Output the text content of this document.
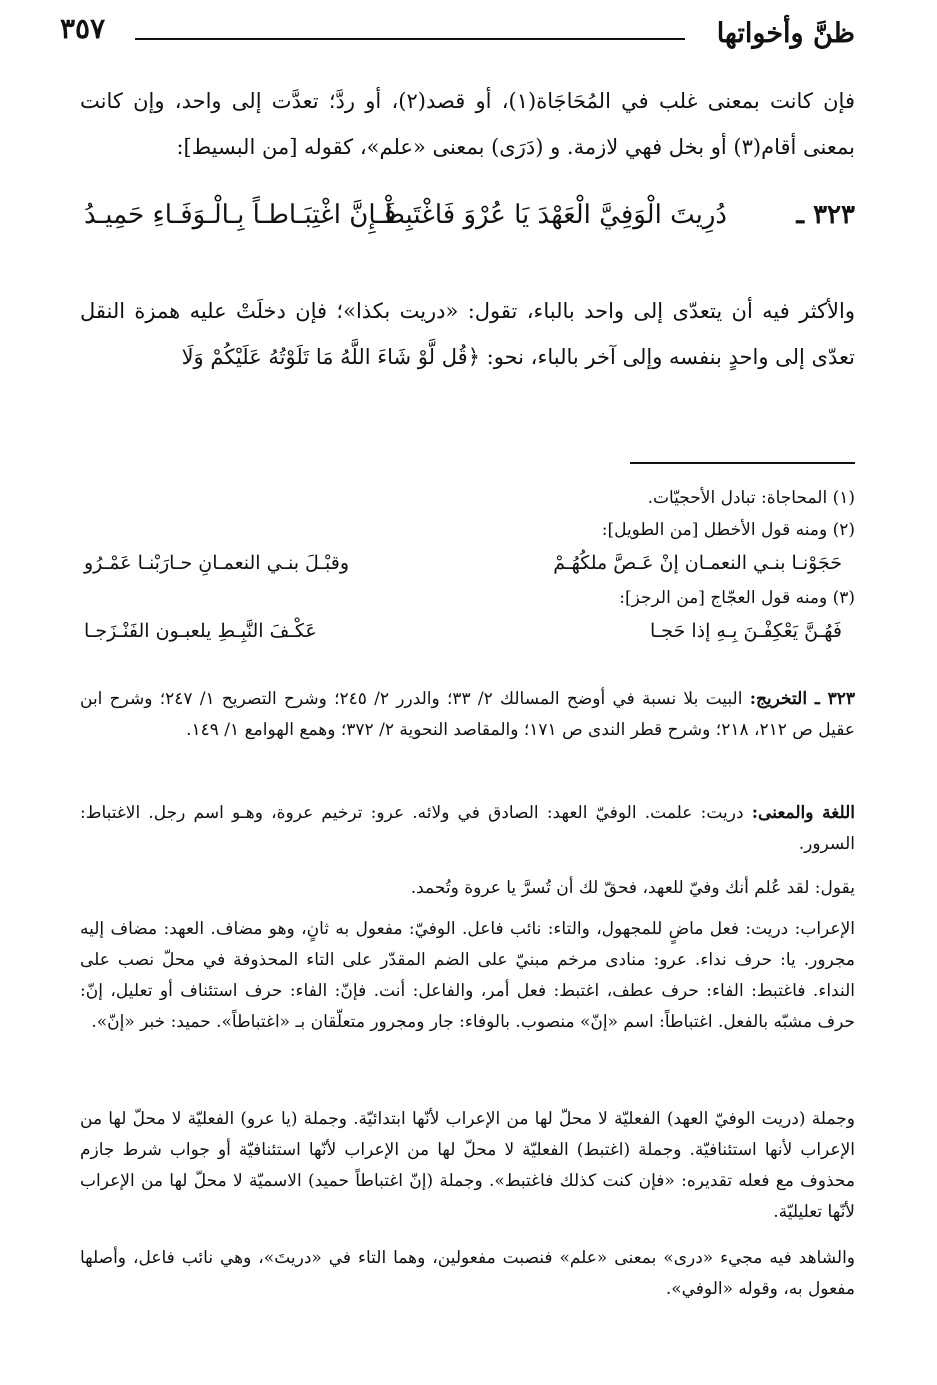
ظنَّ وأخواتها
٣٥٧
فإن كانت بمعنى غلب في المُحَاجَاة(١)، أو قصد(٢)، أو ردَّ؛ تعدَّت إلى واحد، وإن كانت بمعنى أقام(٣) أو بخل فهي لازمة. و (دَرَى) بمعنى «علم»، كقوله [من البسيط]:
٣٢٣ ـ
دُرِيتَ الْوَفِيَّ الْعَهْدَ يَا عُرْوَ فَاغْتَبِطْ
فَـإِنَّ اغْتِبَـاطـاً بِـالْـوَفَـاءِ حَمِيـدُ
والأكثر فيه أن يتعدّى إلى واحد بالباء، تقول: «دريت بكذا»؛ فإن دخلَتْ عليه همزة النقل تعدّى إلى واحدٍ بنفسه وإلى آخر بالباء، نحو: ﴿قُل لَّوْ شَاءَ اللَّهُ مَا تَلَوْتُهُ عَلَيْكُمْ وَلَا
(١) المحاجاة: تبادل الأحجيّات.
(٢) ومنه قول الأخطل [من الطويل]:
حَجَوْنـا بنـي النعمـان إنْ عَـصَّ ملكُهُـمْ
وقبْـلَ بنـي النعمـانِ حـارَبْنـا عَمْـرُو
(٣) ومنه قول العجّاج [من الرجز]:
فَهُـنَّ يَعْكِفْـنَ بِـهِ إذا حَجـا
عَكْـفَ النَّبِـطِ يلعبـون الفَنْـزَجـا
٣٢٣ ـ التخريج: البيت بلا نسبة في أوضح المسالك ٢/ ٣٣؛ والدرر ٢/ ٢٤٥؛ وشرح التصريح ١/ ٢٤٧؛ وشرح ابن عقيل ص ٢١٢، ٢١٨؛ وشرح قطر الندى ص ١٧١؛ والمقاصد النحوية ٢/ ٣٧٢؛ وهمع الهوامع ١/ ١٤٩.
اللغة والمعنى: دريت: علمت. الوفيّ العهد: الصادق في ولائه. عرو: ترخيم عروة، وهـو اسم رجل. الاغتباط: السرور.
يقول: لقد عُلم أنك وفيّ للعهد، فحقّ لك أن تُسرَّ يا عروة وتُحمد.
الإعراب: دريت: فعل ماضٍ للمجهول، والتاء: نائب فاعل. الوفيّ: مفعول به ثانٍ، وهو مضاف. العهد: مضاف إليه مجرور. يا: حرف نداء. عرو: منادى مرخم مبنيّ على الضم المقدّر على التاء المحذوفة في محلّ نصب على النداء. فاغتبط: الفاء: حرف عطف، اغتبط: فعل أمر، والفاعل: أنت. فإنّ: الفاء: حرف استئناف أو تعليل، إنّ: حرف مشبّه بالفعل. اغتباطاً: اسم «إنّ» منصوب. بالوفاء: جار ومجرور متعلّقان بـ «اغتباطاً». حميد: خبر «إنّ».
وجملة (دريت الوفيّ العهد) الفعليّة لا محلّ لها من الإعراب لأنّها ابتدائيّة. وجملة (يا عرو) الفعليّة لا محلّ لها من الإعراب لأنها استئنافيّة. وجملة (اغتبط) الفعليّة لا محلّ لها من الإعراب لأنّها استئنافيّة أو جواب شرط جازم محذوف مع فعله تقديره: «فإن كنت كذلك فاغتبط». وجملة (إنّ اغتباطاً حميد) الاسميّة لا محلّ لها من الإعراب لأنّها تعليليّة.
والشاهد فيه مجيء «درى» بمعنى «علم» فنصبت مفعولين، وهما التاء في «دريتَ»، وهي نائب فاعل، وأصلها مفعول به، وقوله «الوفي».
